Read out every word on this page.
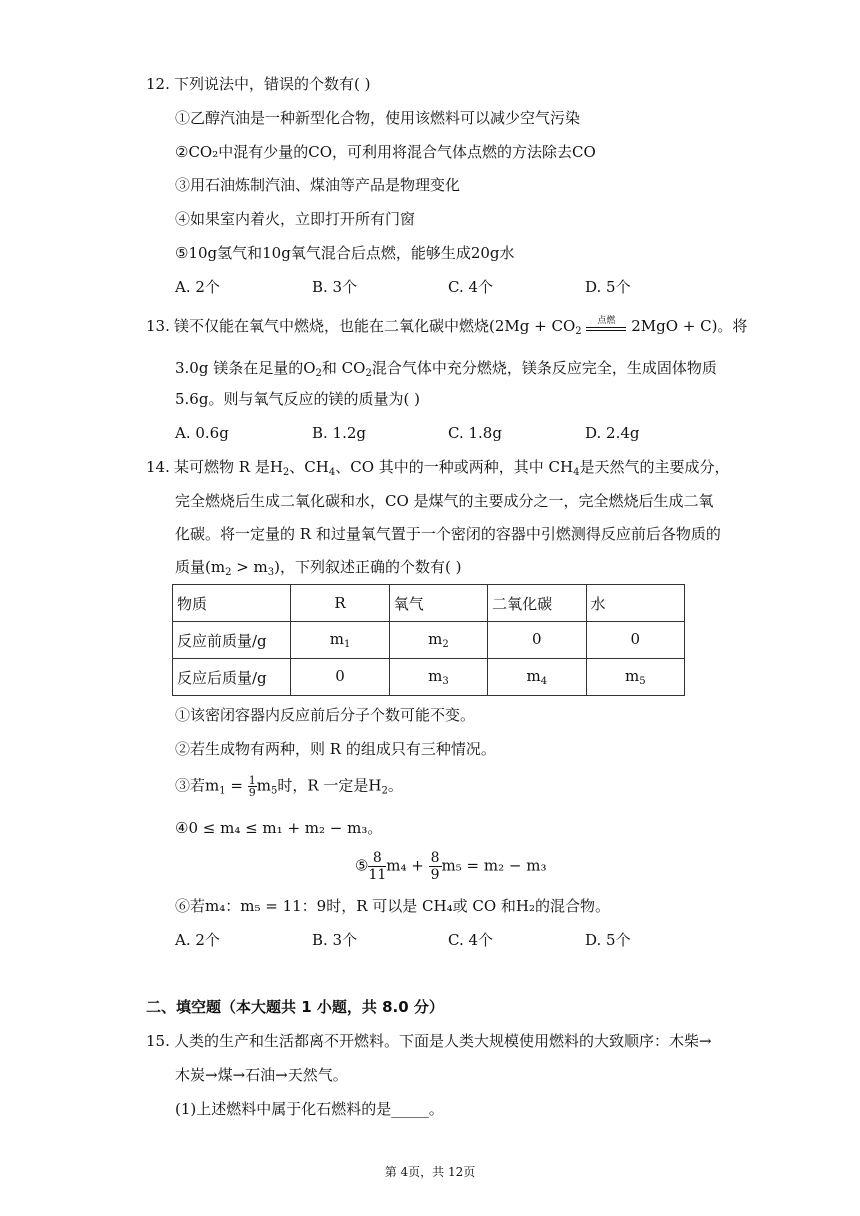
12. 下列说法中，错误的个数有( )
①乙醇汽油是一种新型化合物，使用该燃料可以减少空气污染
②CO₂中混有少量的CO，可利用将混合气体点燃的方法除去CO
③用石油炼制汽油、煤油等产品是物理变化
④如果室内着火，立即打开所有门窗
⑤10g氢气和10g氧气混合后点燃，能够生成20g水
A. 2个	B. 3个	C. 4个	D. 5个
13. 镁不仅能在氧气中燃烧，也能在二氧化碳中燃烧($2Mg + CO_2$
点燃	2MgO + C)。将
3.0g 镁条在足量的$O_2$和 $CO_2$混合气体中充分燃烧，镁条反应完全，生成固体物质
5.6g。则与氧气反应的镁的质量为( )
A. 0.6g	B. 1.2g	C. 1.8g	D. 2.4g
14. 某可燃物 R 是$H_2$、$CH_4$、CO 其中的一种或两种，其中 $CH_4$是天然气的主要成分，
完全燃烧后生成二氧化碳和水，CO 是煤气的主要成分之一，完全燃烧后生成二氧
化碳。将一定量的 R 和过量氧气置于一个密闭的容器中引燃测得反应前后各物质的
质量$(m_2 > m_3)$，下列叙述正确的个数有( )
物质	R	氧气	二氧化碳	水
反应前质量/g	$m_1$	$m_2$	0	0
反应后质量/g	0	$m_3$	$m_4$	$m_5$
①该密闭容器内反应前后分子个数可能不变。
②若生成物有两种，则 R 的组成只有三种情况。
③若$m_1 = \frac{1}{9} m_5$时，R 一定是$H_2$。
④0 ≤ m₄ ≤ m₁ + m₂ − m₃。
⑤ $\frac{8}{11} m_4 + \frac{8}{9} m_5 = m_2 - m_3$
⑥若m₄：m₅ = 11：9时，R 可以是 CH₄或 CO 和H₂的混合物。
A. 2个	B. 3个	C. 4个	D. 5个
二、填空题（本大题共 1 小题，共 8.0 分）
15. 人类的生产和生活都离不开燃料。下面是人类大规模使用燃料的大致顺序：木柴→
木炭→煤→石油→天然气。
(1)上述燃料中属于化石燃料的是_____。
第 4页，共 12页
